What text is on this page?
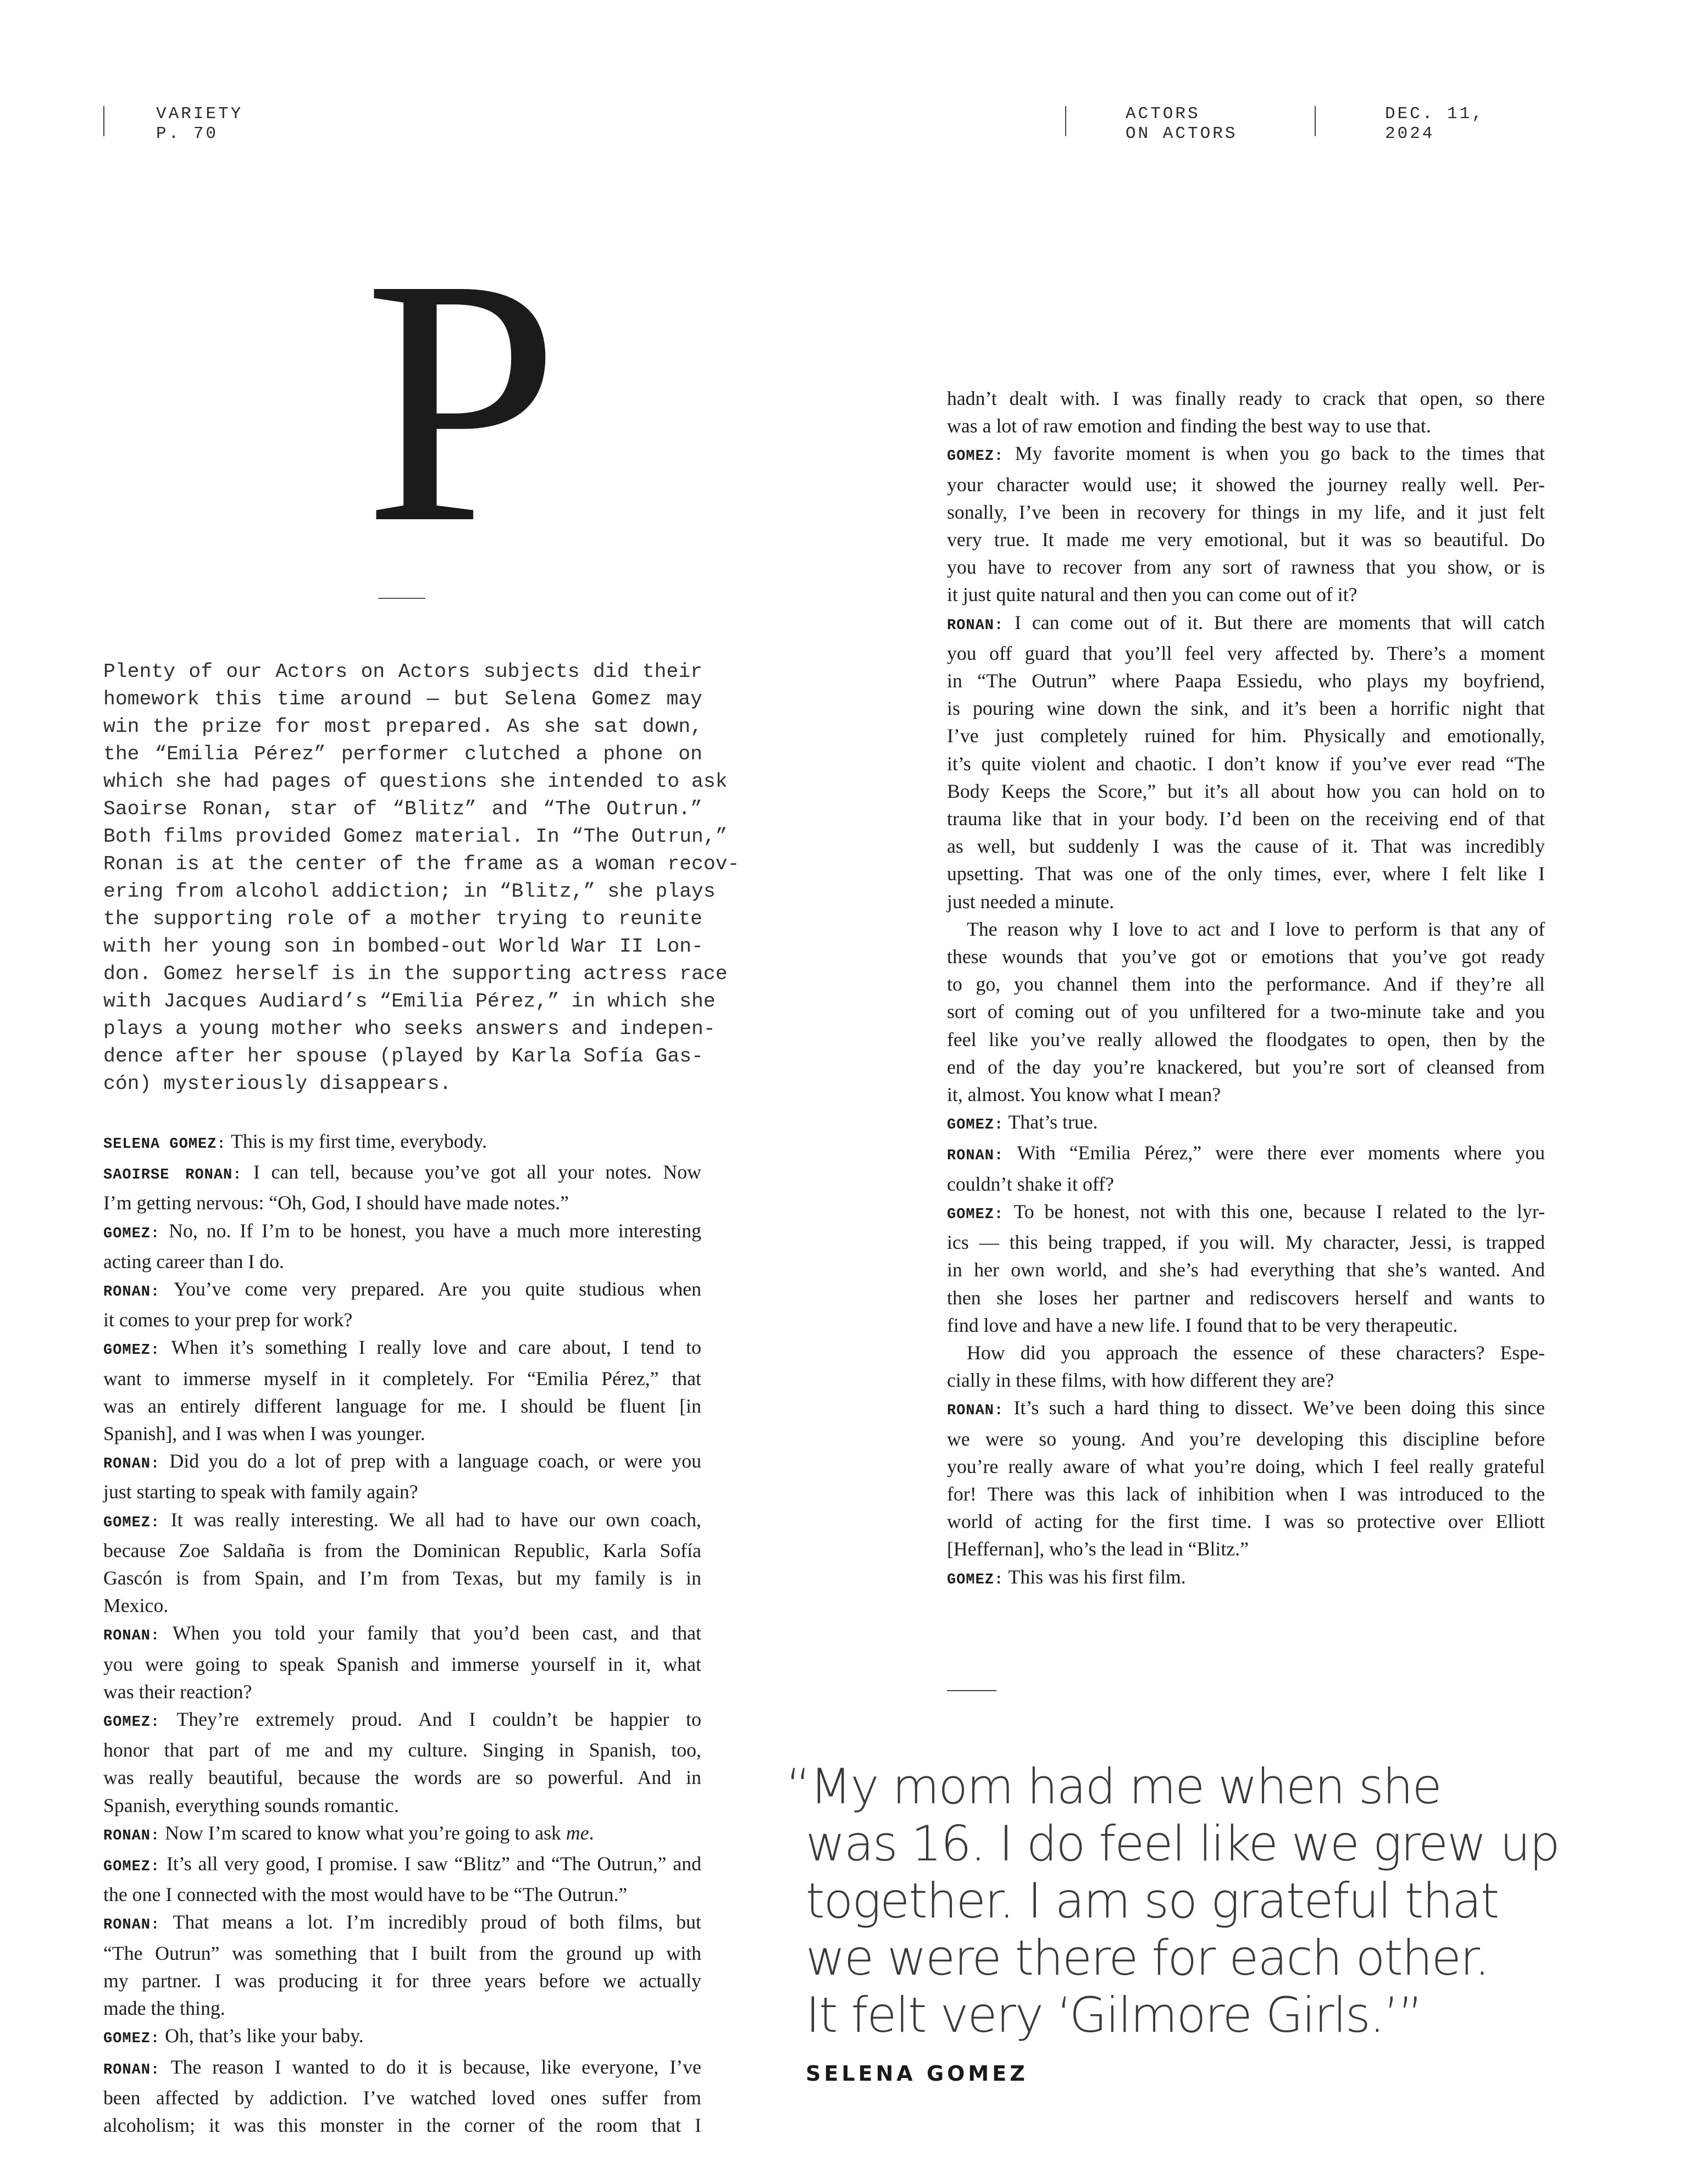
VARIETY
P. 70
ACTORS
ON ACTORS
DEC. 11,
2024
P
Plenty of our Actors on Actors subjects did their
homework this time around — but Selena Gomez may
win the prize for most prepared. As she sat down,
the “Emilia Pérez” performer clutched a phone on
which she had pages of questions she intended to ask
Saoirse Ronan, star of “Blitz” and “The Outrun.”
Both films provided Gomez material. In “The Outrun,”
Ronan is at the center of the frame as a woman recov-
ering from alcohol addiction; in “Blitz,” she plays
the supporting role of a mother trying to reunite
with her young son in bombed-out World War II Lon-
don. Gomez herself is in the supporting actress race
with Jacques Audiard’s “Emilia Pérez,” in which she
plays a young mother who seeks answers and indepen-
dence after her spouse (played by Karla Sofía Gas-
cón) mysteriously disappears.
SELENA GOMEZ: This is my first time, everybody.
SAOIRSE RONAN: I can tell, because you’ve got all your notes. Now
I’m getting nervous: “Oh, God, I should have made notes.”
GOMEZ: No, no. If I’m to be honest, you have a much more interesting
acting career than I do.
RONAN: You’ve come very prepared. Are you quite studious when
it comes to your prep for work?
GOMEZ: When it’s something I really love and care about, I tend to
want to immerse myself in it completely. For “Emilia Pérez,” that
was an entirely different language for me. I should be fluent [in
Spanish], and I was when I was younger.
RONAN: Did you do a lot of prep with a language coach, or were you
just starting to speak with family again?
GOMEZ: It was really interesting. We all had to have our own coach,
because Zoe Saldaña is from the Dominican Republic, Karla Sofía
Gascón is from Spain, and I’m from Texas, but my family is in
Mexico.
RONAN: When you told your family that you’d been cast, and that
you were going to speak Spanish and immerse yourself in it, what
was their reaction?
GOMEZ: They’re extremely proud. And I couldn’t be happier to
honor that part of me and my culture. Singing in Spanish, too,
was really beautiful, because the words are so powerful. And in
Spanish, everything sounds romantic.
RONAN: Now I’m scared to know what you’re going to ask me.
GOMEZ: It’s all very good, I promise. I saw “Blitz” and “The Outrun,” and
the one I connected with the most would have to be “The Outrun.”
RONAN: That means a lot. I’m incredibly proud of both films, but
“The Outrun” was something that I built from the ground up with
my partner. I was producing it for three years before we actually
made the thing.
GOMEZ: Oh, that’s like your baby.
RONAN: The reason I wanted to do it is because, like everyone, I’ve
been affected by addiction. I’ve watched loved ones suffer from
alcoholism; it was this monster in the corner of the room that I
hadn’t dealt with. I was finally ready to crack that open, so there
was a lot of raw emotion and finding the best way to use that.
GOMEZ: My favorite moment is when you go back to the times that
your character would use; it showed the journey really well. Per-
sonally, I’ve been in recovery for things in my life, and it just felt
very true. It made me very emotional, but it was so beautiful. Do
you have to recover from any sort of rawness that you show, or is
it just quite natural and then you can come out of it?
RONAN: I can come out of it. But there are moments that will catch
you off guard that you’ll feel very affected by. There’s a moment
in “The Outrun” where Paapa Essiedu, who plays my boyfriend,
is pouring wine down the sink, and it’s been a horrific night that
I’ve just completely ruined for him. Physically and emotionally,
it’s quite violent and chaotic. I don’t know if you’ve ever read “The
Body Keeps the Score,” but it’s all about how you can hold on to
trauma like that in your body. I’d been on the receiving end of that
as well, but suddenly I was the cause of it. That was incredibly
upsetting. That was one of the only times, ever, where I felt like I
just needed a minute.
The reason why I love to act and I love to perform is that any of
these wounds that you’ve got or emotions that you’ve got ready
to go, you channel them into the performance. And if they’re all
sort of coming out of you unfiltered for a two-minute take and you
feel like you’ve really allowed the floodgates to open, then by the
end of the day you’re knackered, but you’re sort of cleansed from
it, almost. You know what I mean?
GOMEZ: That’s true.
RONAN: With “Emilia Pérez,” were there ever moments where you
couldn’t shake it off?
GOMEZ: To be honest, not with this one, because I related to the lyr-
ics — this being trapped, if you will. My character, Jessi, is trapped
in her own world, and she’s had everything that she’s wanted. And
then she loses her partner and rediscovers herself and wants to
find love and have a new life. I found that to be very therapeutic.
How did you approach the essence of these characters? Espe-
cially in these films, with how different they are?
RONAN: It’s such a hard thing to dissect. We’ve been doing this since
we were so young. And you’re developing this discipline before
you’re really aware of what you’re doing, which I feel really grateful
for! There was this lack of inhibition when I was introduced to the
world of acting for the first time. I was so protective over Elliott
[Heffernan], who’s the lead in “Blitz.”
GOMEZ: This was his first film.
“My mom had me when she
was 16. I do feel like we grew up
together. I am so grateful that
we were there for each other.
It felt very ‘Gilmore Girls.’”
SELENA GOMEZ
